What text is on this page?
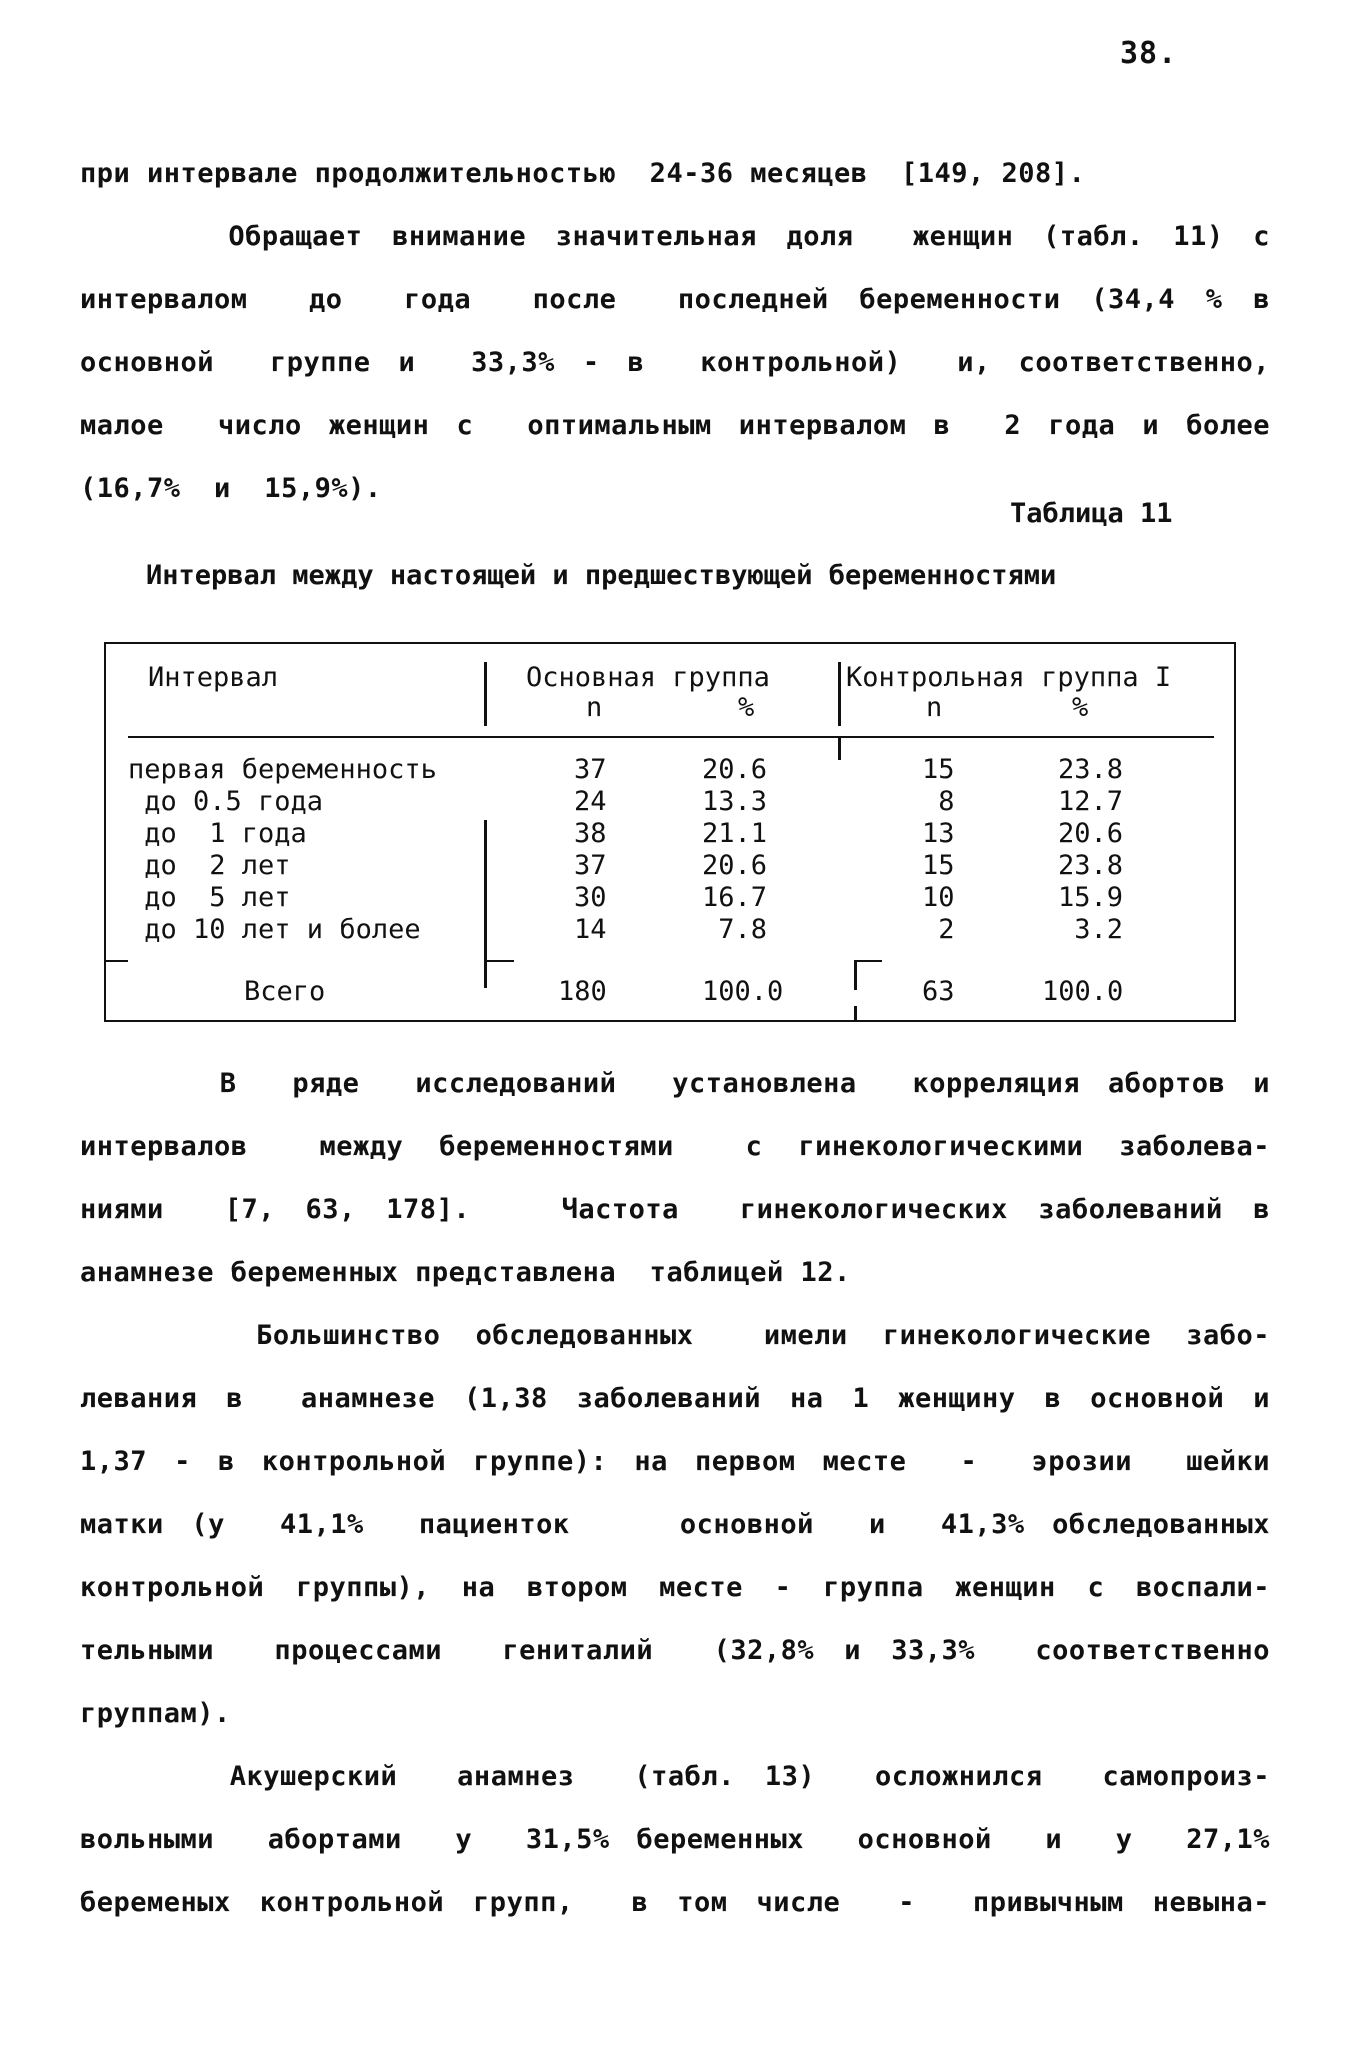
38.
при интервале продолжительностью  24-36 месяцев  [149, 208].
Обращает внимание значительная доля  женщин (табл. 11) с
интервалом  до  года  после  последней беременности (34,4 % в
основной  группе и  33,3% - в  контрольной)  и, соответственно,
малое  число женщин с  оптимальным интервалом в  2 года и более
(16,7%  и  15,9%).
Таблица 11
Интервал между настоящей и предшествующей беременностями
Интервал	Основная группа	Контрольная группа I
n	%	n	%
первая беременность	37	20.6	15	23.8
до 0.5 года	24	13.3	8	12.7
до  1 года	38	21.1	13	20.6
до  2 лет	37	20.6	15	23.8
до  5 лет	30	16.7	10	15.9
до 10 лет и более	14	7.8	2	3.2
Всего	180	100.0	63	100.0
В  ряде  исследований  установлена  корреляция абортов и
интервалов  между беременностями  с гинекологическими заболева-
ниями  [7, 63, 178].   Частота  гинекологических заболеваний в
анамнезе беременных представлена  таблицей 12.
Большинство обследованных  имели гинекологические забо-
левания в  анамнезе (1,38 заболеваний на 1 женщину в основной и
1,37 - в контрольной группе): на первом месте  -  эрозии  шейки
матки (у  41,1%  пациенток    основной  и  41,3% обследованных
контрольной группы), на втором месте - группа женщин с воспали-
тельными  процессами  гениталий  (32,8% и 33,3%  соответственно
группам).
Акушерский  анамнез  (табл. 13)  осложнился  самопроиз-
вольными  абортами  у  31,5% беременных  основной  и  у  27,1%
беременых контрольной групп,  в том числе  -  привычным невына-
